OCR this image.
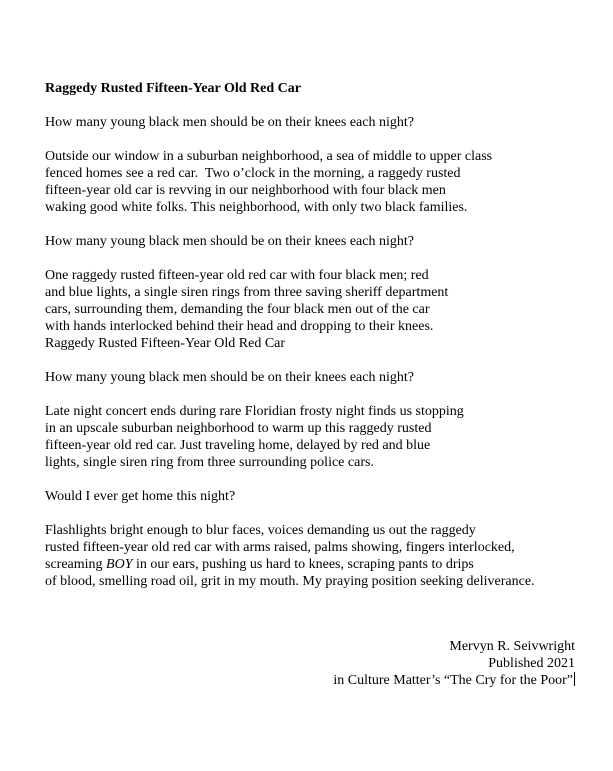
Raggedy Rusted Fifteen-Year Old Red Car
How many young black men should be on their knees each night?
Outside our window in a suburban neighborhood, a sea of middle to upper class
fenced homes see a red car.  Two o’clock in the morning, a raggedy rusted
fifteen-year old car is revving in our neighborhood with four black men
waking good white folks. This neighborhood, with only two black families.
How many young black men should be on their knees each night?
One raggedy rusted fifteen-year old red car with four black men; red
and blue lights, a single siren rings from three saving sheriff department
cars, surrounding them, demanding the four black men out of the car
with hands interlocked behind their head and dropping to their knees.
Raggedy Rusted Fifteen-Year Old Red Car
How many young black men should be on their knees each night?
Late night concert ends during rare Floridian frosty night finds us stopping
in an upscale suburban neighborhood to warm up this raggedy rusted
fifteen-year old red car. Just traveling home, delayed by red and blue
lights, single siren ring from three surrounding police cars.
Would I ever get home this night?
Flashlights bright enough to blur faces, voices demanding us out the raggedy
rusted fifteen-year old red car with arms raised, palms showing, fingers interlocked,
screaming BOY in our ears, pushing us hard to knees, scraping pants to drips
of blood, smelling road oil, grit in my mouth. My praying position seeking deliverance.
Mervyn R. Seivwright
Published 2021
in Culture Matter’s “The Cry for the Poor”
